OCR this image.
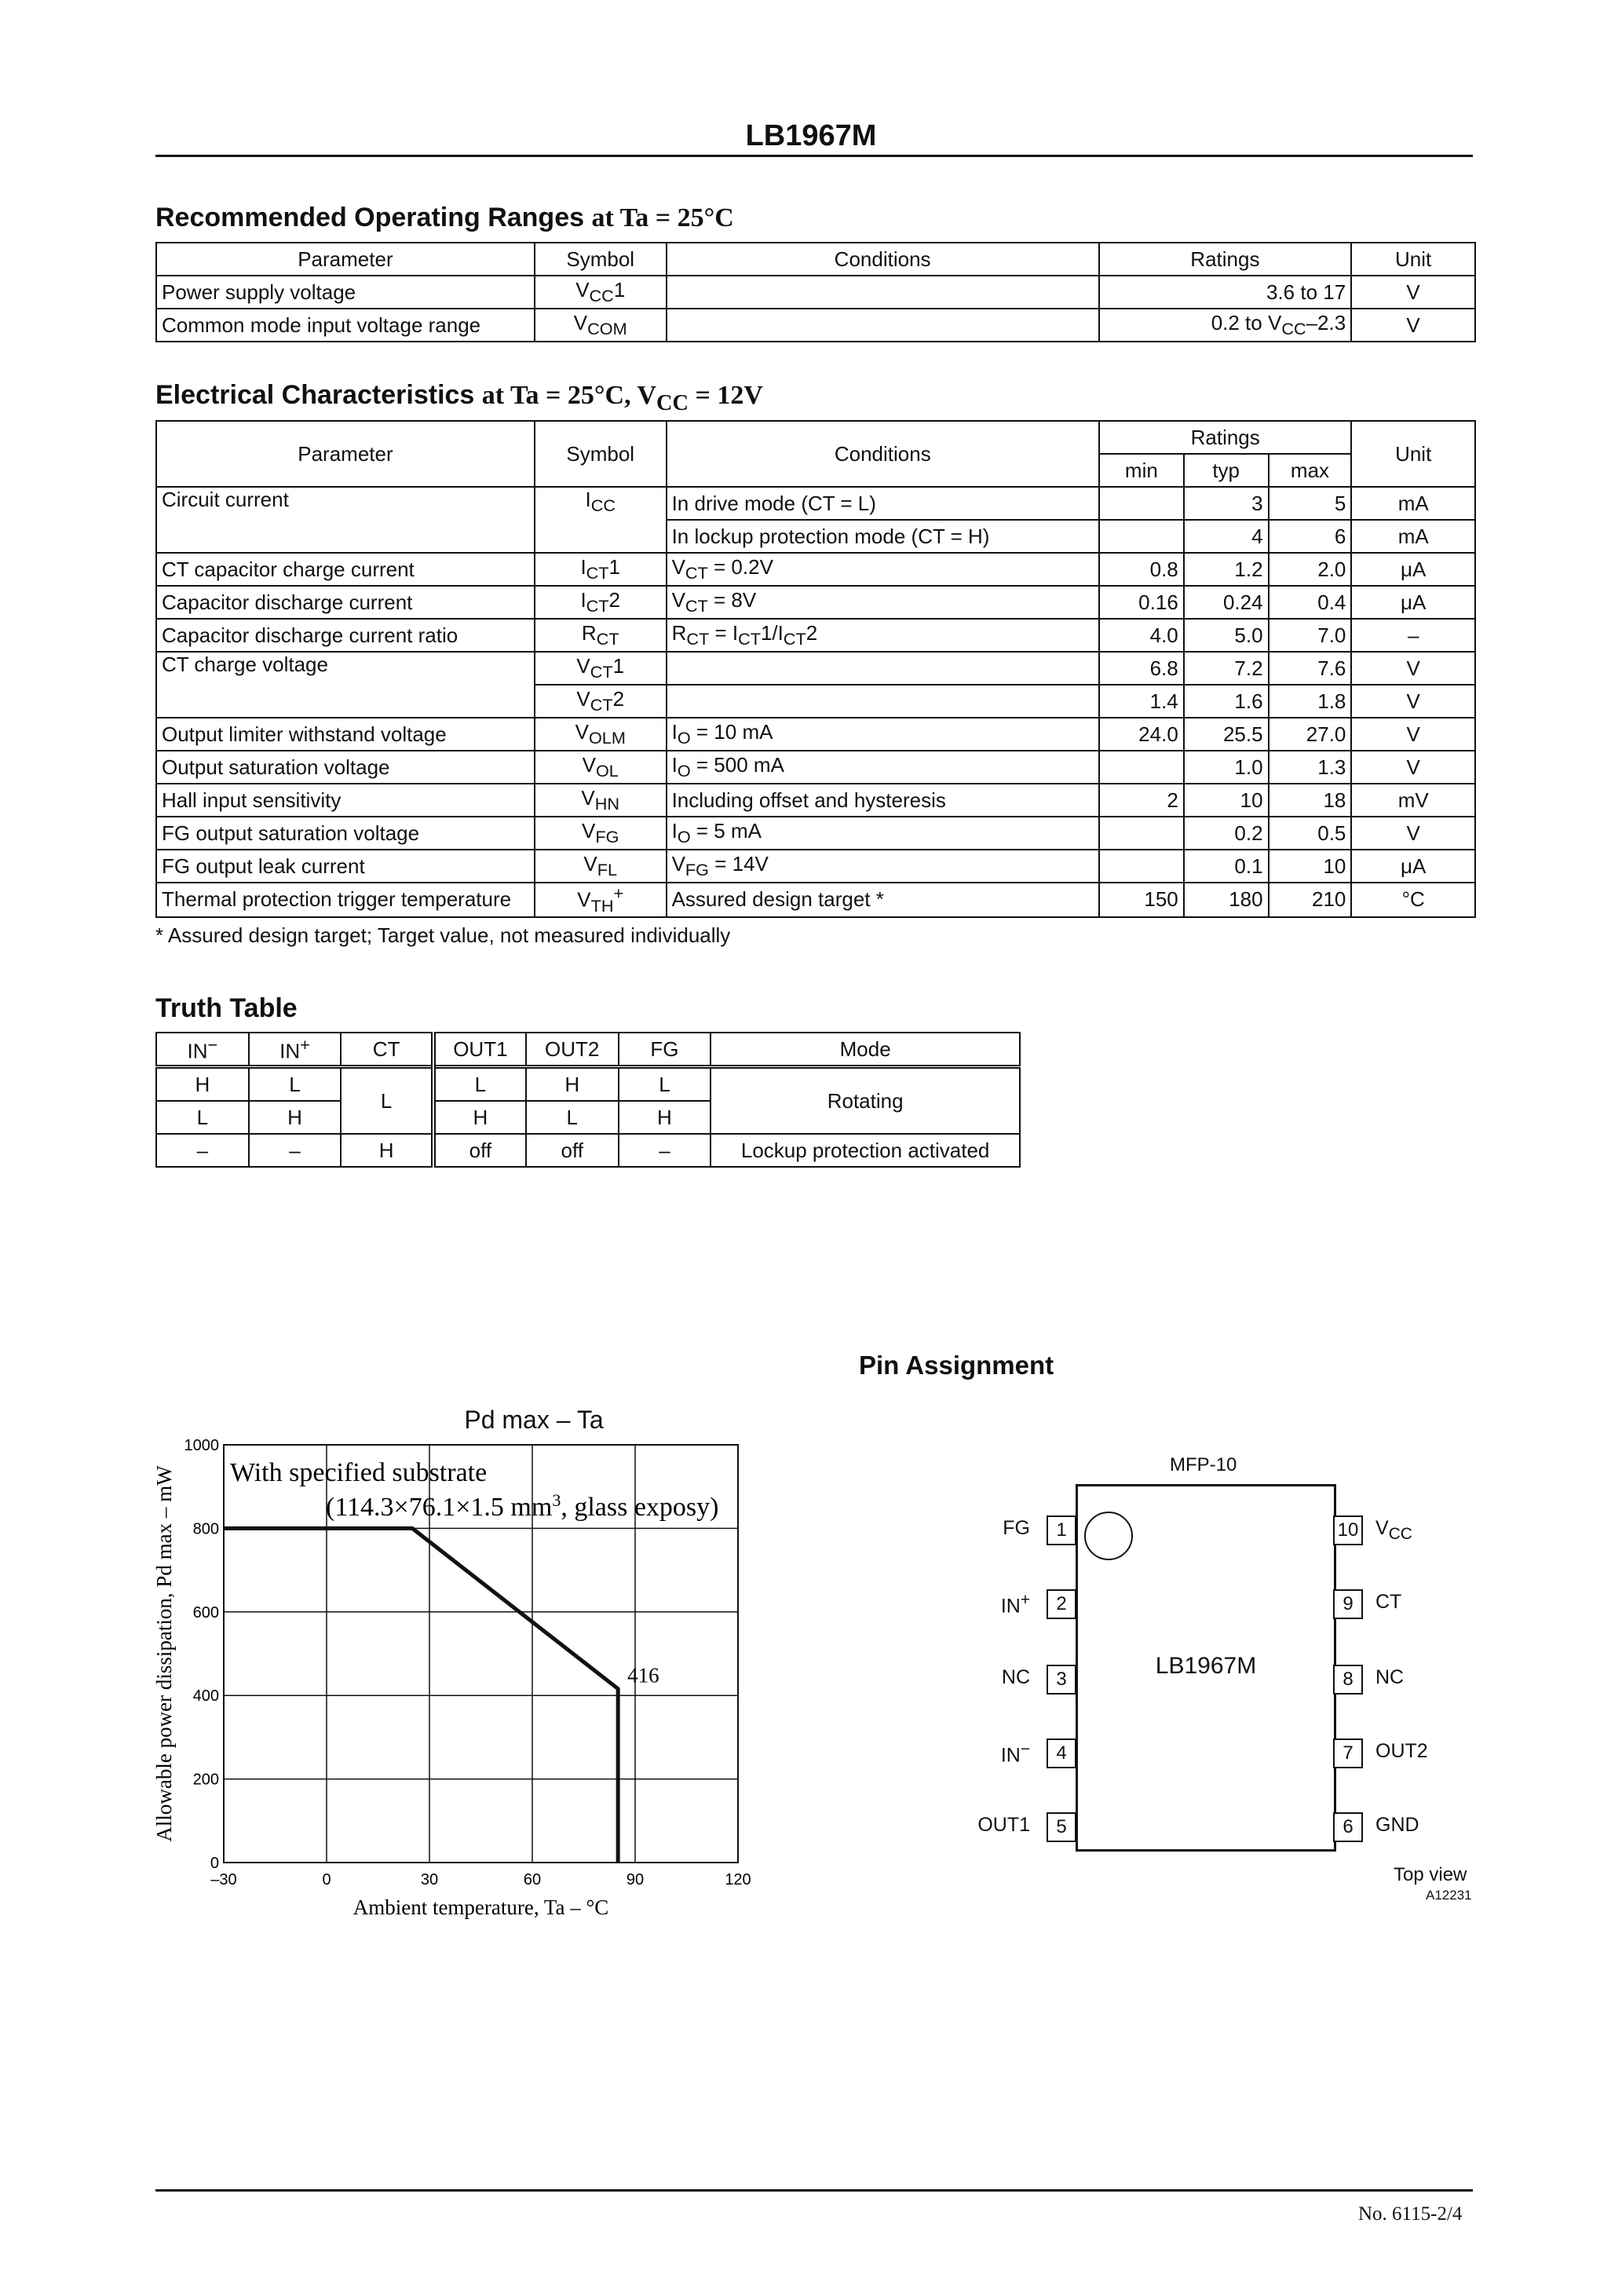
LB1967M
Recommended Operating Ranges at Ta = 25°C
Parameter	Symbol	Conditions	Ratings	Unit
Power supply voltage	$V_{CC}1$		3.6 to 17	V
Common mode input voltage range	$V_{COM}$		0.2 to $V_{CC}-2.3$	V
Electrical Characteristics at Ta = 25°C, $V_{CC} = 12V$
Parameter	Symbol	Conditions	Ratings			Unit
			min	typ	max	
Circuit current	$I_{CC}$	In drive mode (CT = L)		3	5	mA
		In lockup protection mode (CT = H)		4	6	mA
CT capacitor charge current	$I_{CT}1$	$V_{CT} = 0.2V$	0.8	1.2	2.0	μA
Capacitor discharge current	$I_{CT}2$	$V_{CT} = 8V$	0.16	0.24	0.4	μA
Capacitor discharge current ratio	$R_{CT}$	$R_{CT} = I_{CT}1/I_{CT}2$	4.0	5.0	7.0	–
CT charge voltage	$V_{CT}1$		6.8	7.2	7.6	V
	$V_{CT}2$		1.4	1.6	1.8	V
Output limiter withstand voltage	$V_{OLM}$	$I_O = 10$ mA	24.0	25.5	27.0	V
Output saturation voltage	$V_{OL}$	$I_O = 500$ mA		1.0	1.3	V
Hall input sensitivity	$V_{HN}$	Including offset and hysteresis	2	10	18	mV
FG output saturation voltage	$V_{FG}$	$I_O = 5$ mA		0.2	0.5	V
FG output leak current	$V_{FL}$	$V_{FG} = 14V$		0.1	10	μA
Thermal protection trigger temperature	$V_{TH}^+$	Assured design target *	150	180	210	°C
* Assured design target; Target value, not measured individually
Truth Table
IN−	IN+	CT	OUT1	OUT2	FG	Mode
H	L	L	L	H	L	Rotating
L	H		H	L	H	
–	–	H	off	off	–	Lockup protection activated
Pd max – Ta
–30	0	30	60	90	120
0
200
400
600
800
1000
With specified substrate
(114.3×76.1×1.5 $mm^3$, glass exposy)
416
Ambient temperature, Ta – °C
Allowable power dissipation, Pd max – mW
Pin Assignment
MFP-10
LB1967M
1
FG
2
IN+
3
NC
4
IN−
5
OUT1
10 $V_{CC}$
9	CT
8	NC
7	OUT2
6	GND
Top view
A12231
No. 6115-2/4
